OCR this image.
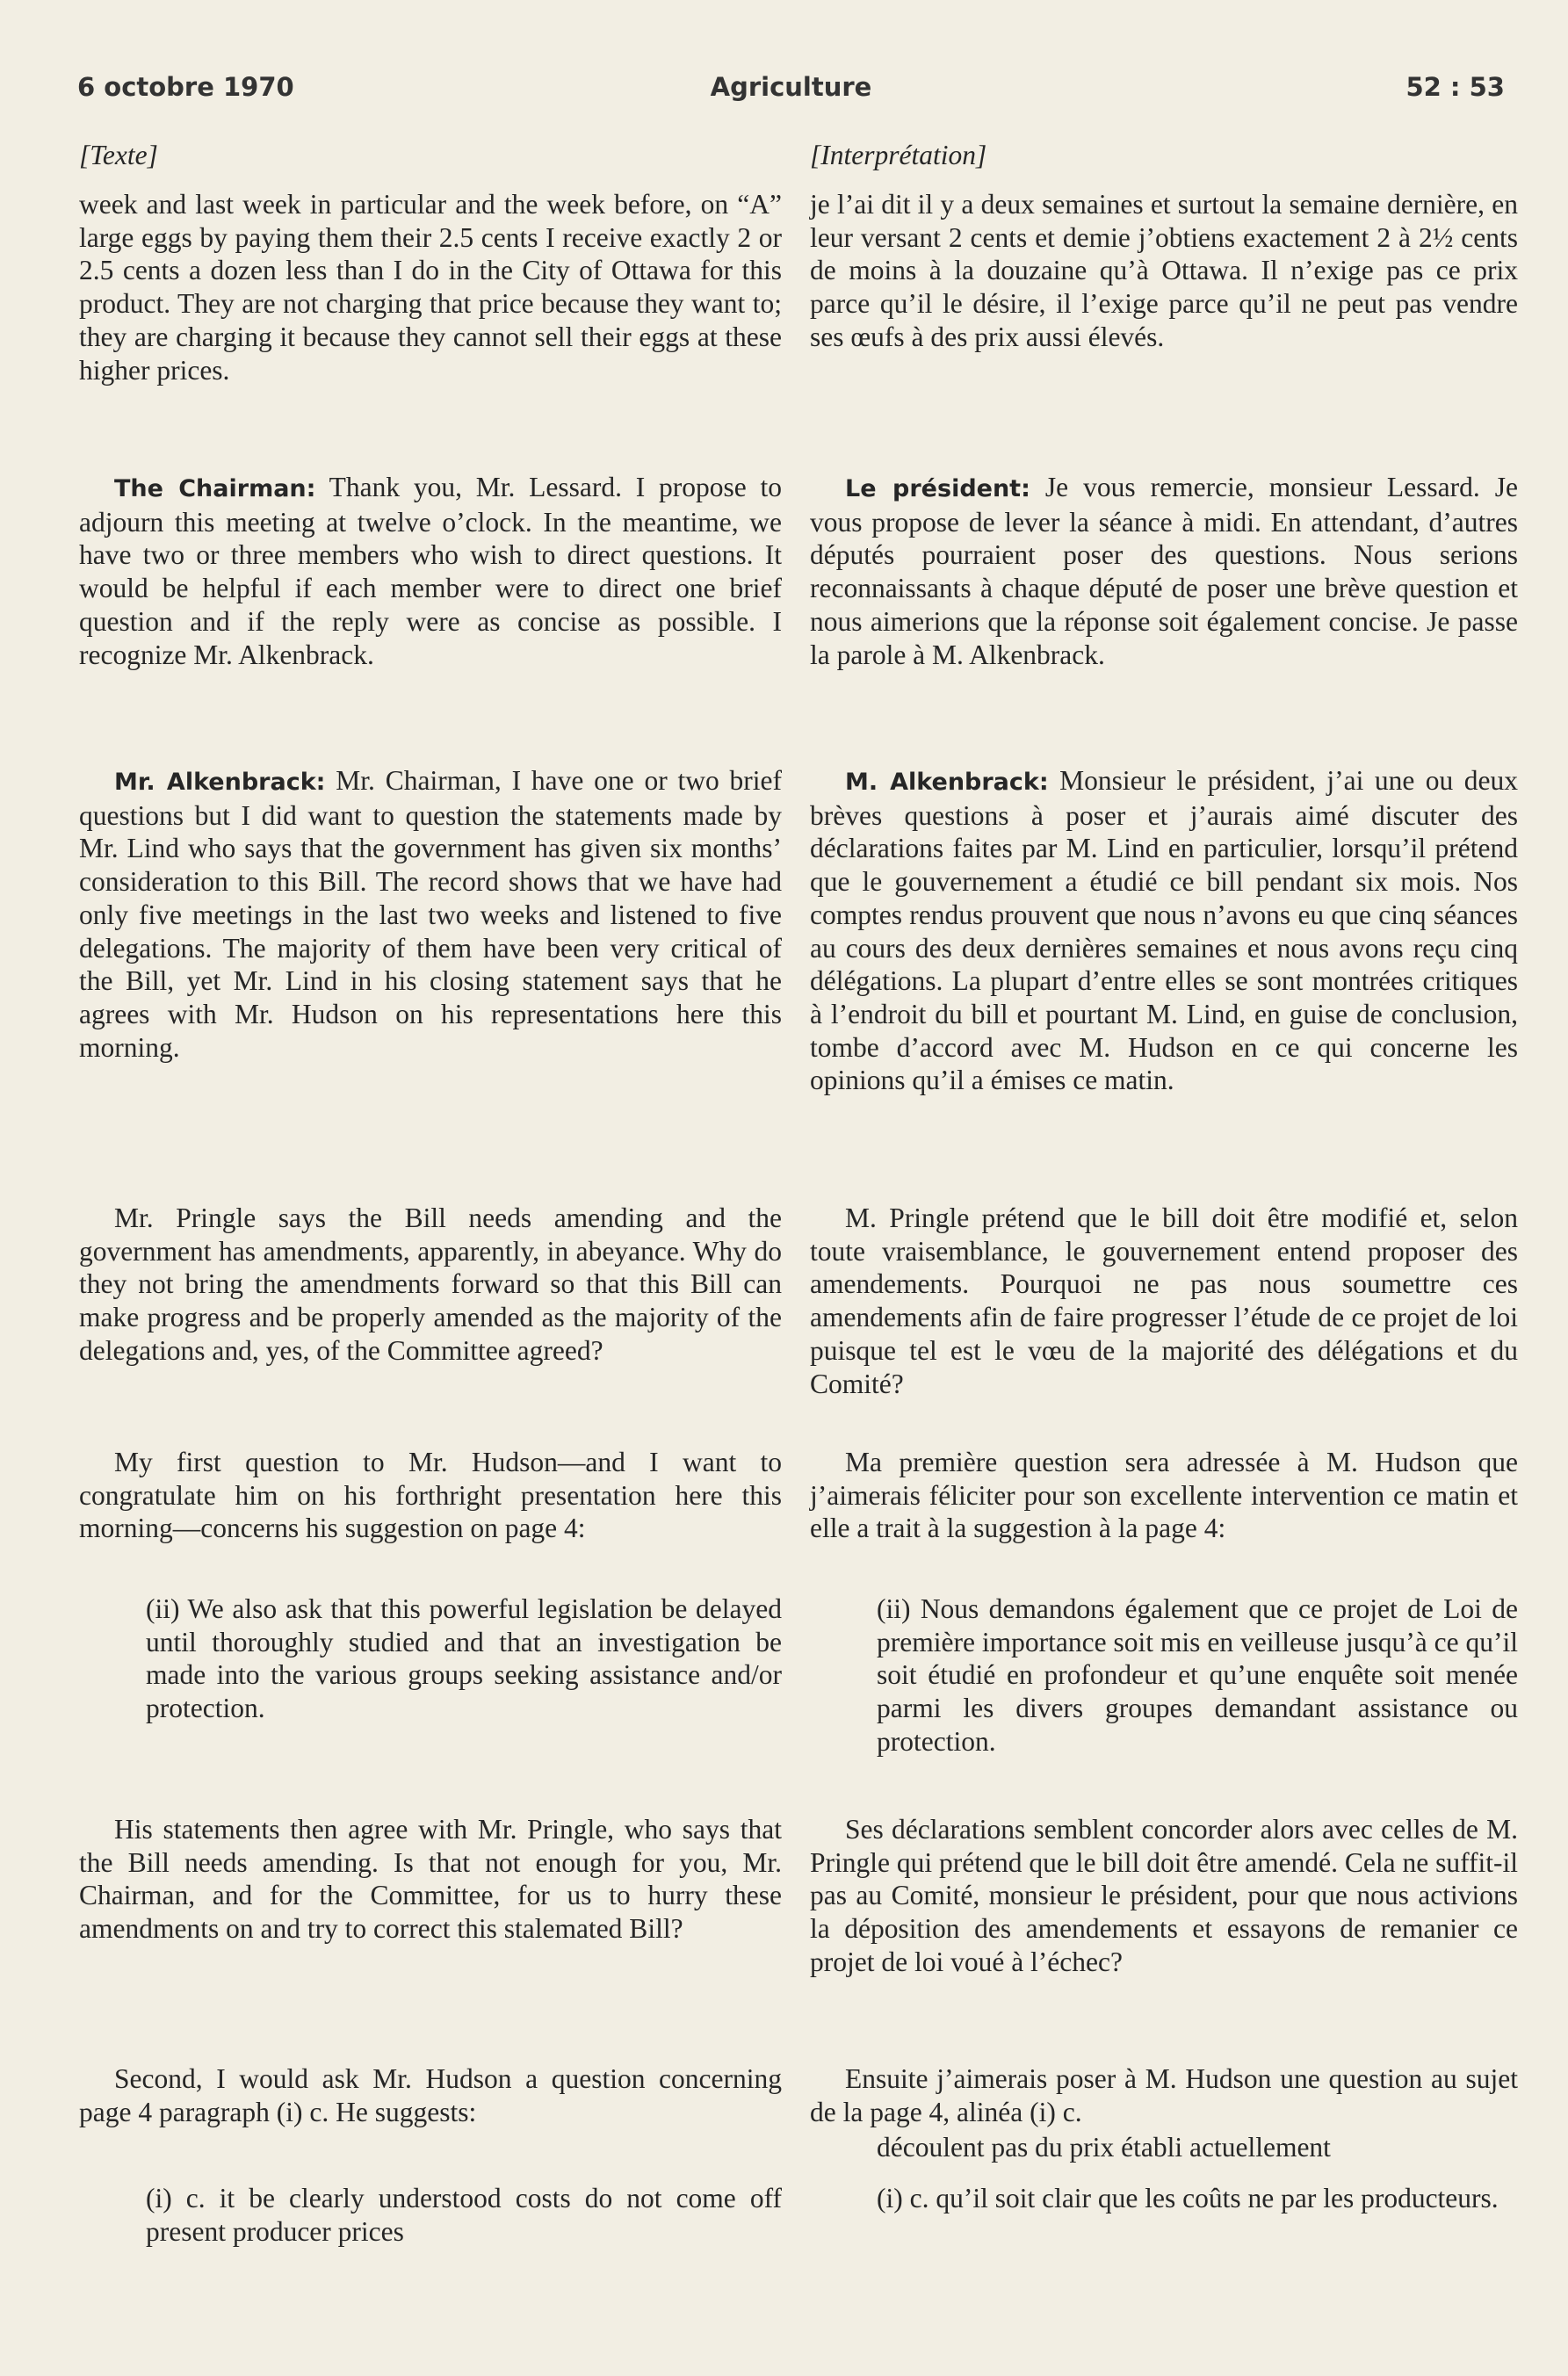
6 octobre 1970	Agriculture	52 : 53
[Texte]

week and last week in particular and the week before, on “A” large eggs by paying them their 2.5 cents I receive exactly 2 or 2.5 cents a dozen less than I do in the City of Ottawa for this product. They are not charging that price because they want to; they are charging it because they cannot sell their eggs at these higher prices.

The Chairman: Thank you, Mr. Lessard. I propose to adjourn this meeting at twelve o’clock. In the meantime, we have two or three members who wish to direct questions. It would be helpful if each member were to direct one brief question and if the reply were as concise as possible. I recognize Mr. Alkenbrack.

Mr. Alkenbrack: Mr. Chairman, I have one or two brief questions but I did want to question the statements made by Mr. Lind who says that the government has given six months’ consideration to this Bill. The record shows that we have had only five meetings in the last two weeks and listened to five delegations. The majority of them have been very critical of the Bill, yet Mr. Lind in his closing statement says that he agrees with Mr. Hudson on his representations here this morning.

Mr. Pringle says the Bill needs amending and the government has amendments, apparently, in abeyance. Why do they not bring the amendments forward so that this Bill can make progress and be properly amended as the majority of the delegations and, yes, of the Committee agreed?

My first question to Mr. Hudson—and I want to congratulate him on his forthright presentation here this morning—concerns his suggestion on page 4:

(ii) We also ask that this powerful legislation be delayed until thoroughly studied and that an investigation be made into the various groups seeking assistance and/or protection.

His statements then agree with Mr. Pringle, who says that the Bill needs amending. Is that not enough for you, Mr. Chairman, and for the Committee, for us to hurry these amendments on and try to correct this stalemated Bill?

Second, I would ask Mr. Hudson a question concerning page 4 paragraph (i) c. He suggests:

(i) c. it be clearly understood costs do not come off present producer prices

[Interprétation]

je l’ai dit il y a deux semaines et surtout la semaine dernière, en leur versant 2 cents et demie j’obtiens exactement 2 à 2½ cents de moins à la douzaine qu’à Ottawa. Il n’exige pas ce prix parce qu’il le désire, il l’exige parce qu’il ne peut pas vendre ses œufs à des prix aussi élevés.

Le président: Je vous remercie, monsieur Lessard. Je vous propose de lever la séance à midi. En attendant, d’autres députés pourraient poser des questions. Nous serions reconnaissants à chaque député de poser une brève question et nous aimerions que la réponse soit également concise. Je passe la parole à M. Alkenbrack.

M. Alkenbrack: Monsieur le président, j’ai une ou deux brèves questions à poser et j’aurais aimé discuter des déclarations faites par M. Lind en particulier, lorsqu’il prétend que le gouvernement a étudié ce bill pendant six mois. Nos comptes rendus prouvent que nous n’avons eu que cinq séances au cours des deux dernières semaines et nous avons reçu cinq délégations. La plupart d’entre elles se sont montrées critiques à l’endroit du bill et pourtant M. Lind, en guise de conclusion, tombe d’accord avec M. Hudson en ce qui concerne les opinions qu’il a émises ce matin.

M. Pringle prétend que le bill doit être modifié et, selon toute vraisemblance, le gouvernement entend proposer des amendements. Pourquoi ne pas nous soumettre ces amendements afin de faire progresser l’étude de ce projet de loi puisque tel est le vœu de la majorité des délégations et du Comité?

Ma première question sera adressée à M. Hudson que j’aimerais féliciter pour son excellente intervention ce matin et elle a trait à la suggestion à la page 4:

(ii) Nous demandons également que ce projet de Loi de première importance soit mis en veilleuse jusqu’à ce qu’il soit étudié en profondeur et qu’une enquête soit menée parmi les divers groupes demandant assistance ou protection.

Ses déclarations semblent concorder alors avec celles de M. Pringle qui prétend que le bill doit être amendé. Cela ne suffit-il pas au Comité, monsieur le président, pour que nous activions la déposition des amendements et essayons de remanier ce projet de loi voué à l’échec?

Ensuite j’aimerais poser à M. Hudson une question au sujet de la page 4, alinéa (i) c.

découlent pas du prix établi actuellement

(i) c. qu’il soit clair que les coûts ne par les producteurs.
